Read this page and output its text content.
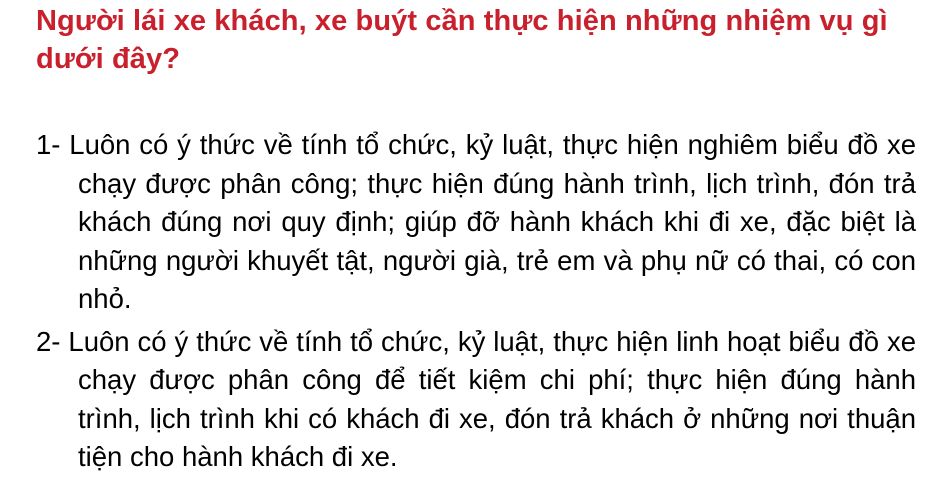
Người lái xe khách, xe buýt cần thực hiện những nhiệm vụ gì dưới đây?
1- Luôn có ý thức về tính tổ chức, kỷ luật, thực hiện nghiêm biểu đồ xe chạy được phân công; thực hiện đúng hành trình, lịch trình, đón trả khách đúng nơi quy định; giúp đỡ hành khách khi đi xe, đặc biệt là những người khuyết tật, người già, trẻ em và phụ nữ có thai, có con nhỏ.
2- Luôn có ý thức về tính tổ chức, kỷ luật, thực hiện linh hoạt biểu đồ xe chạy được phân công để tiết kiệm chi phí; thực hiện đúng hành trình, lịch trình khi có khách đi xe, đón trả khách ở những nơi thuận tiện cho hành khách đi xe.
